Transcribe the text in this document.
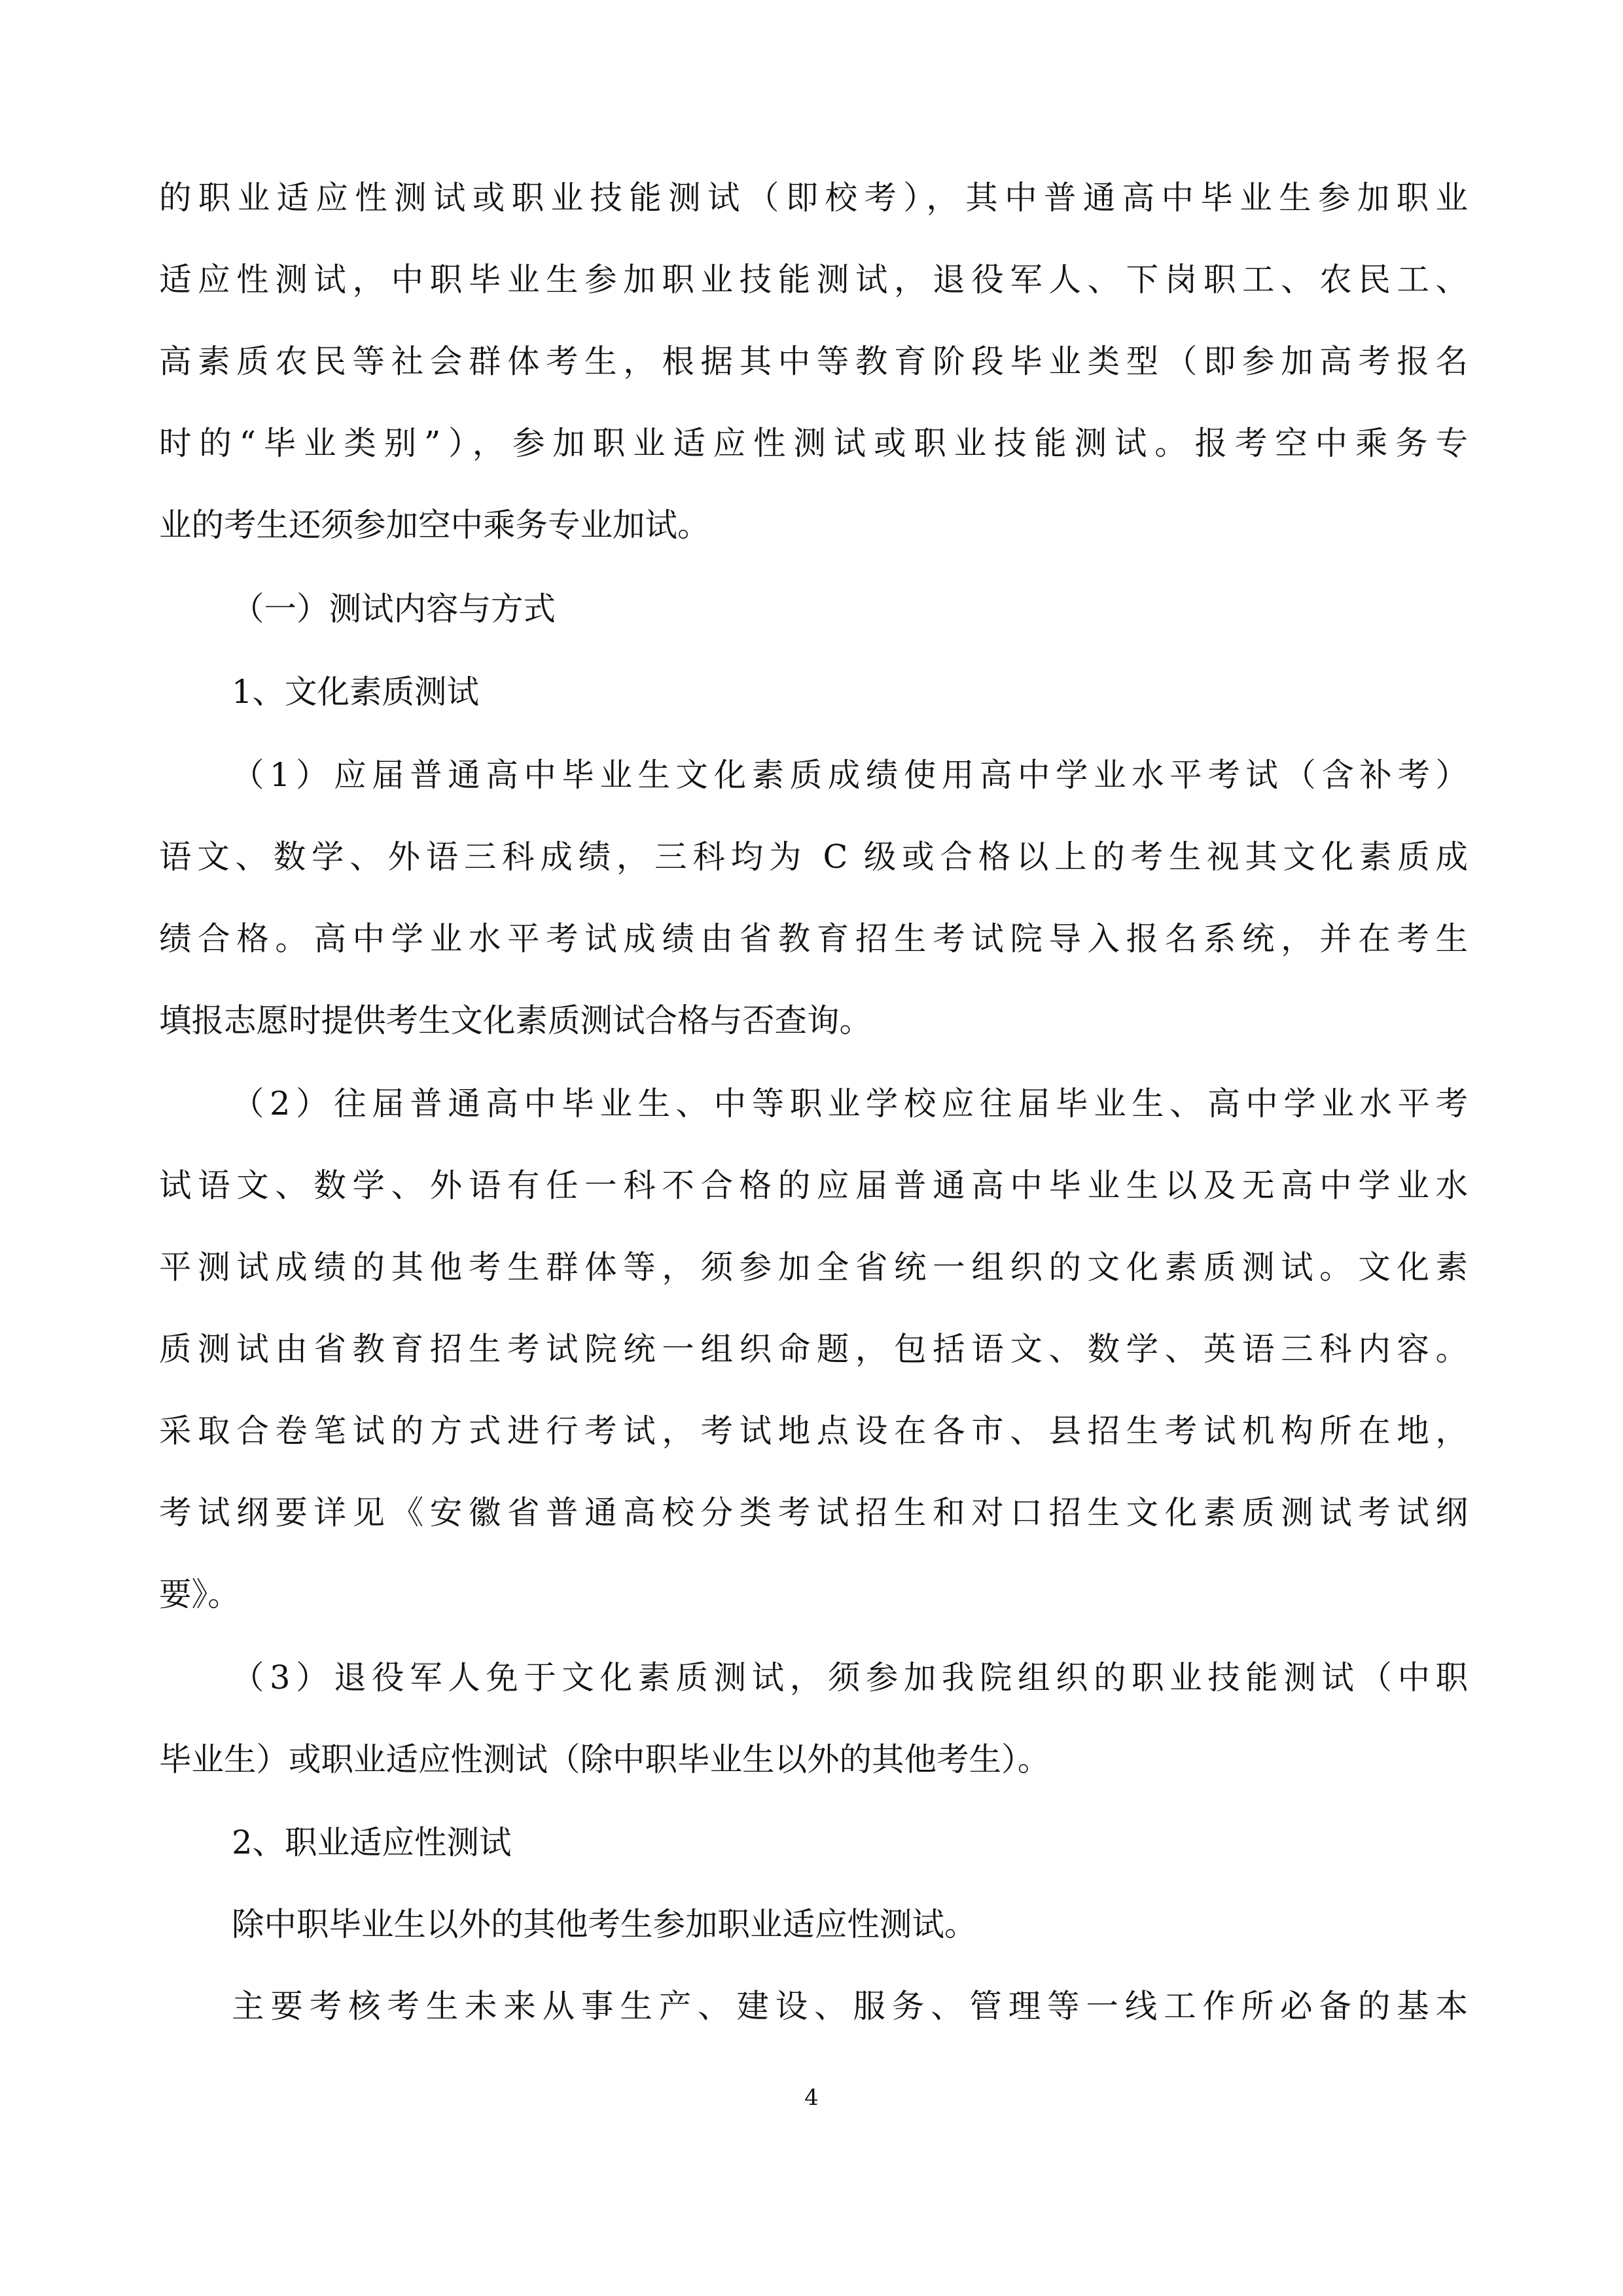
的职业适应性测试或职业技能测试（即校考），其中普通高中毕业生参加职业
适应性测试，中职毕业生参加职业技能测试，退役军人、下岗职工、农民工、
高素质农民等社会群体考生，根据其中等教育阶段毕业类型（即参加高考报名
时的“毕业类别”），参加职业适应性测试或职业技能测试。报考空中乘务专
业的考生还须参加空中乘务专业加试。
（一）测试内容与方式
1、文化素质测试
（1）应届普通高中毕业生文化素质成绩使用高中学业水平考试（含补考）
语文、数学、外语三科成绩，三科均为 C 级或合格以上的考生视其文化素质成
绩合格。高中学业水平考试成绩由省教育招生考试院导入报名系统，并在考生
填报志愿时提供考生文化素质测试合格与否查询。
（2）往届普通高中毕业生、中等职业学校应往届毕业生、高中学业水平考
试语文、数学、外语有任一科不合格的应届普通高中毕业生以及无高中学业水
平测试成绩的其他考生群体等，须参加全省统一组织的文化素质测试。文化素
质测试由省教育招生考试院统一组织命题，包括语文、数学、英语三科内容。
采取合卷笔试的方式进行考试，考试地点设在各市、县招生考试机构所在地，
考试纲要详见《安徽省普通高校分类考试招生和对口招生文化素质测试考试纲
要》。
（3）退役军人免于文化素质测试，须参加我院组织的职业技能测试（中职
毕业生）或职业适应性测试（除中职毕业生以外的其他考生）。
2、职业适应性测试
除中职毕业生以外的其他考生参加职业适应性测试。
主要考核考生未来从事生产、建设、服务、管理等一线工作所必备的基本
4
